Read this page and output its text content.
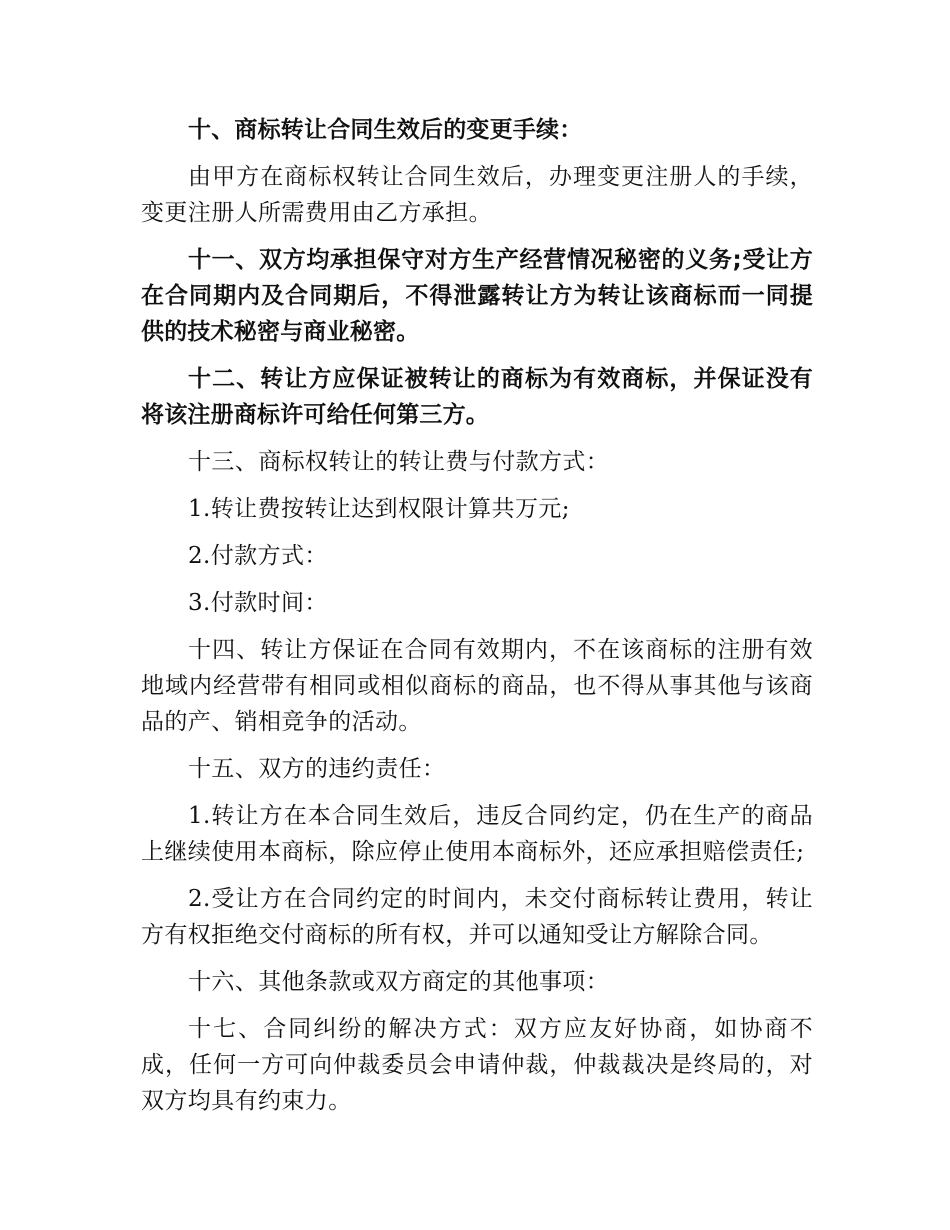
十、商标转让合同生效后的变更手续：

由甲方在商标权转让合同生效后，办理变更注册人的手续，变更注册人所需费用由乙方承担。

十一、双方均承担保守对方生产经营情况秘密的义务;受让方在合同期内及合同期后，不得泄露转让方为转让该商标而一同提供的技术秘密与商业秘密。

十二、转让方应保证被转让的商标为有效商标，并保证没有将该注册商标许可给任何第三方。

十三、商标权转让的转让费与付款方式：

1.转让费按转让达到权限计算共万元;

2.付款方式：

3.付款时间：

十四、转让方保证在合同有效期内，不在该商标的注册有效地域内经营带有相同或相似商标的商品，也不得从事其他与该商品的产、销相竞争的活动。

十五、双方的违约责任：

1.转让方在本合同生效后，违反合同约定，仍在生产的商品上继续使用本商标，除应停止使用本商标外，还应承担赔偿责任;

2.受让方在合同约定的时间内，未交付商标转让费用，转让方有权拒绝交付商标的所有权，并可以通知受让方解除合同。

十六、其他条款或双方商定的其他事项：

十七、合同纠纷的解决方式：双方应友好协商，如协商不成，任何一方可向仲裁委员会申请仲裁，仲裁裁决是终局的，对双方均具有约束力。
